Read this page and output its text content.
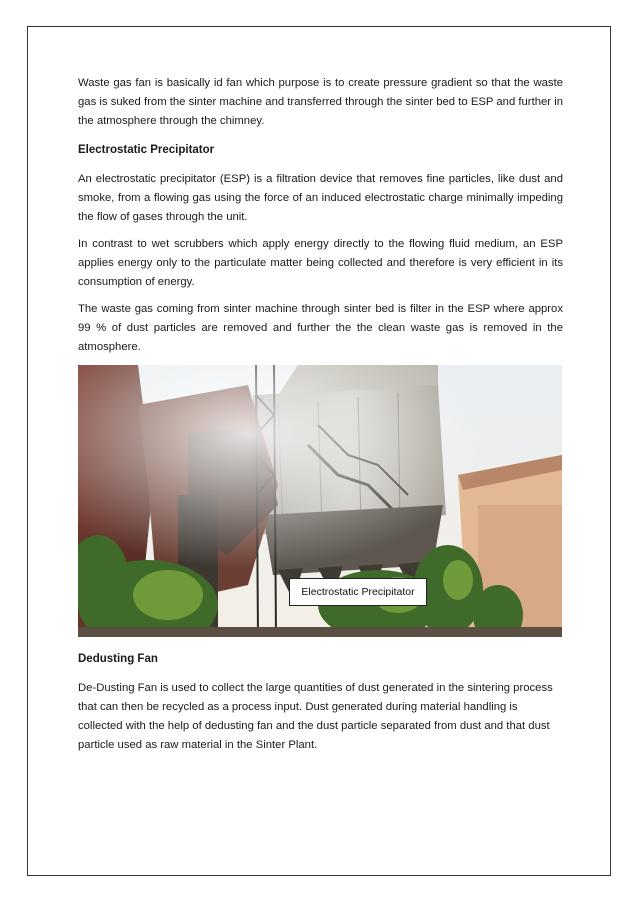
Waste gas fan is basically id fan which purpose is to create pressure gradient so that the waste gas is suked from the sinter machine and transferred through the sinter bed to ESP and further in the atmosphere through the chimney.

Electrostatic Precipitator

An electrostatic precipitator (ESP) is a filtration device that removes fine particles, like dust and smoke, from a flowing gas using the force of an induced electrostatic charge minimally impeding the flow of gases through the unit.

In contrast to wet scrubbers which apply energy directly to the flowing fluid medium, an ESP applies energy only to the particulate matter being collected and therefore is very efficient in its consumption of energy.

The waste gas coming from sinter machine through sinter bed is filter in the ESP where approx 99 % of dust particles are removed and further the the clean waste gas is removed in the atmosphere.

Electrostatic Precipitator
Dedusting Fan

De-Dusting Fan is used to collect the large quantities of dust generated in the sintering process that can then be recycled as a process input. Dust generated during material handling is collected with the help of dedusting fan and the dust particle separated from dust and that dust particle used as raw material in the Sinter Plant.
